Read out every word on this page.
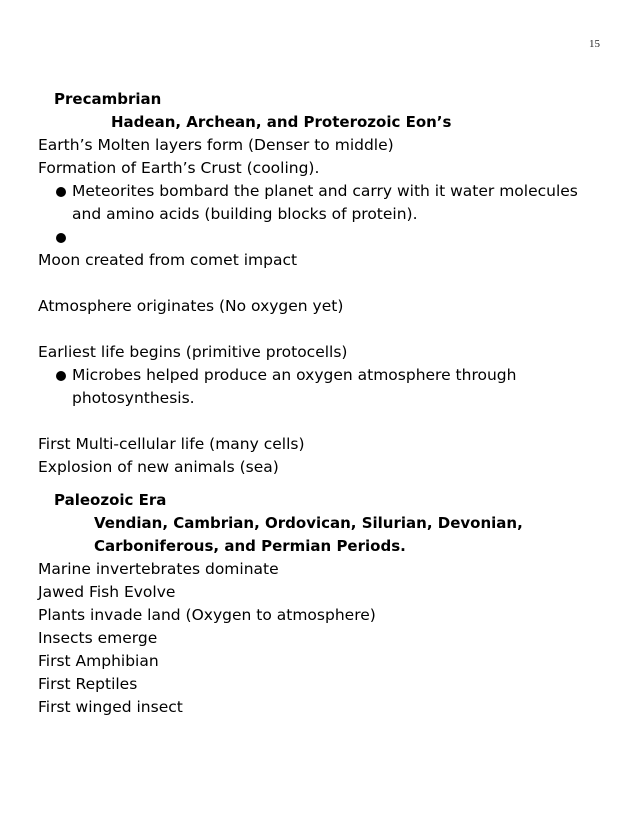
15
Precambrian
Hadean, Archean, and Proterozoic Eon’s
Earth’s Molten layers form (Denser to middle)
Formation of Earth’s Crust (cooling).
Meteorites bombard the planet and carry with it water molecules and amino acids (building blocks of protein).
Moon created from comet impact
Atmosphere originates (No oxygen yet)
Earliest life begins (primitive protocells)
Microbes helped produce an oxygen atmosphere through photosynthesis.
First Multi-cellular life (many cells)
Explosion of new animals (sea)
Paleozoic Era
Vendian, Cambrian, Ordovican, Silurian, Devonian,
Carboniferous, and Permian Periods.
Marine invertebrates dominate
Jawed Fish Evolve
Plants invade land (Oxygen to atmosphere)
Insects emerge
First Amphibian
First Reptiles
First winged insect
